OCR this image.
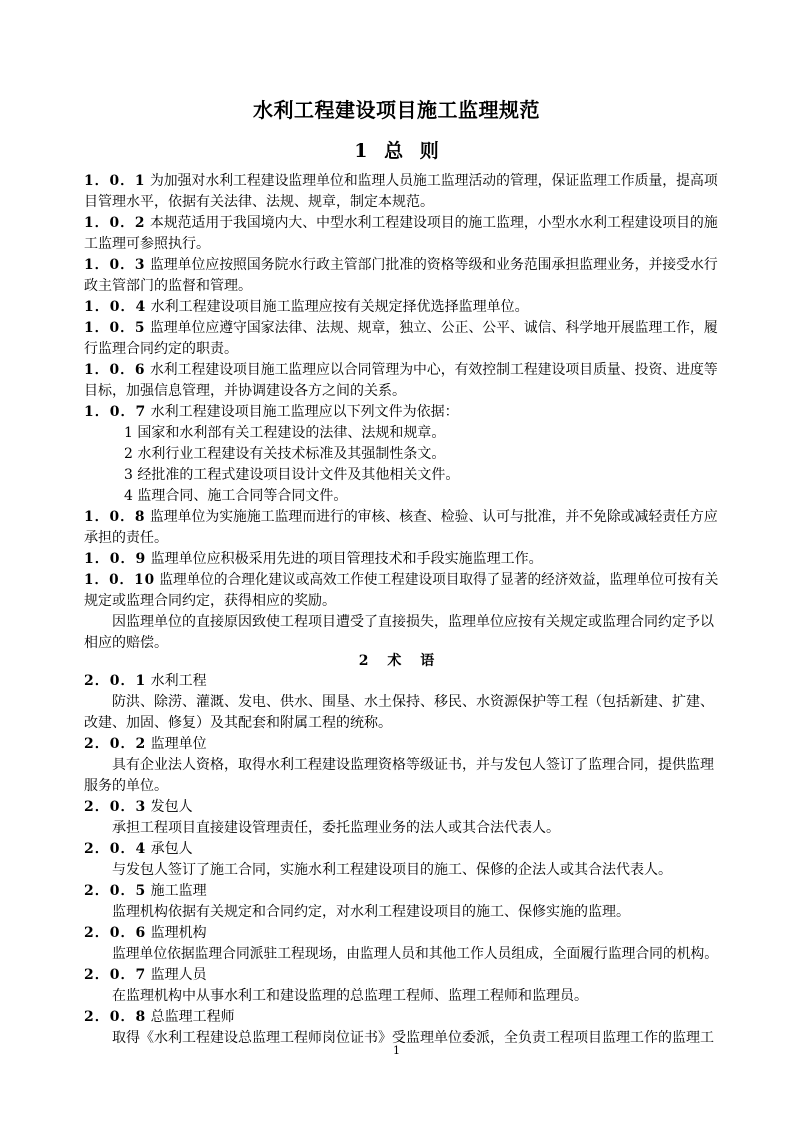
水利工程建设项目施工监理规范
1 总 则
1．0．1 为加强对水利工程建设监理单位和监理人员施工监理活动的管理，保证监理工作质量，提高项
目管理水平，依据有关法律、法规、规章，制定本规范。
1．0．2 本规范适用于我国境内大、中型水利工程建设项目的施工监理，小型水水利工程建设项目的施
工监理可参照执行。
1．0．3 监理单位应按照国务院水行政主管部门批准的资格等级和业务范围承担监理业务，并接受水行
政主管部门的监督和管理。
1．0．4 水利工程建设项目施工监理应按有关规定择优选择监理单位。
1．0．5 监理单位应遵守国家法律、法规、规章，独立、公正、公平、诚信、科学地开展监理工作，履
行监理合同约定的职责。
1．0．6 水利工程建设项目施工监理应以合同管理为中心，有效控制工程建设项目质量、投资、进度等
目标，加强信息管理，并协调建设各方之间的关系。
1．0．7 水利工程建设项目施工监理应以下列文件为依据：
1 国家和水利部有关工程建设的法律、法规和规章。
2 水利行业工程建设有关技术标准及其强制性条文。
3 经批准的工程式建设项目设计文件及其他相关文件。
4 监理合同、施工合同等合同文件。
1．0．8 监理单位为实施施工监理而进行的审核、核查、检验、认可与批准，并不免除或减轻责任方应
承担的责任。
1．0．9 监理单位应积极采用先进的项目管理技术和手段实施监理工作。
1．0．10 监理单位的合理化建议或高效工作使工程建设项目取得了显著的经济效益，监理单位可按有关
规定或监理合同约定，获得相应的奖励。
因监理单位的直接原因致使工程项目遭受了直接损失，监理单位应按有关规定或监理合同约定予以
相应的赔偿。
2 术 语
2．0．1 水利工程
防洪、除涝、灌溉、发电、供水、围垦、水土保持、移民、水资源保护等工程（包括新建、扩建、
改建、加固、修复）及其配套和附属工程的统称。
2．0．2 监理单位
具有企业法人资格，取得水利工程建设监理资格等级证书，并与发包人签订了监理合同，提供监理
服务的单位。
2．0．3 发包人
承担工程项目直接建设管理责任，委托监理业务的法人或其合法代表人。
2．0．4 承包人
与发包人签订了施工合同，实施水利工程建设项目的施工、保修的企法人或其合法代表人。
2．0．5 施工监理
监理机构依据有关规定和合同约定，对水利工程建设项目的施工、保修实施的监理。
2．0．6 监理机构
监理单位依据监理合同派驻工程现场，由监理人员和其他工作人员组成，全面履行监理合同的机构。
2．0．7 监理人员
在监理机构中从事水利工和建设监理的总监理工程师、监理工程师和监理员。
2．0．8 总监理工程师
取得《水利工程建设总监理工程师岗位证书》受监理单位委派，全负责工程项目监理工作的监理工
1
